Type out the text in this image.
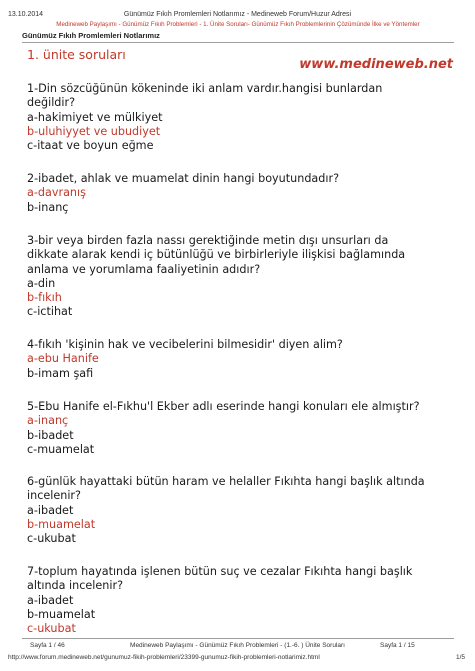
13.10.2014	Günümüz Fıkıh Promlemleri Notlarımız - Medineweb Forum/Huzur Adresi
Medineweb Paylaşımı - Günümüz Fıkıh Problemleri - 1. Ünite Soruları- Günümüz Fıkıh Problemlerinin Çözümünde İlke ve Yöntemler
Günümüz Fıkıh Promlemleri Notlarımız

1. ünite soruları

www.medineweb.net

1-Din sözcüğünün kökeninde iki anlam vardır.hangisi bunlardan

değildir?

a-hakimiyet ve mülkiyet

b-uluhiyyet ve ubudiyet

c-itaat ve boyun eğme

2-ibadet, ahlak ve muamelat dinin hangi boyutundadır?

a-davranış

b-inanç

3-bir veya birden fazla nassı gerektiğinde metin dışı unsurları da

dikkate alarak kendi iç bütünlüğü ve birbirleriyle ilişkisi bağlamında

anlama ve yorumlama faaliyetinin adıdır?

a-din

b-fıkıh

c-ictihat

4-fıkıh 'kişinin hak ve vecibelerini bilmesidir' diyen alim?

a-ebu Hanife

b-imam şafi

5-Ebu Hanife el-Fıkhu'l Ekber adlı eserinde hangi konuları ele almıştır?

a-inanç

b-ibadet

c-muamelat

6-günlük hayattaki bütün haram ve helaller Fıkıhta hangi başlık altında

incelenir?

a-ibadet

b-muamelat

c-ukubat

7-toplum hayatında işlenen bütün suç ve cezalar Fıkıhta hangi başlık

altında incelenir?

a-ibadet

b-muamelat

c-ukubat

Medineweb Paylaşımı - Günümüz Fıkıh Problemleri - (1.-6. ) Ünite Soruları
Sayfa 1 / 46	Sayfa 1 / 15
http://www.forum.medineweb.net/gunumuz-fikih-problemleri/23399-gunumuz-fikih-problemleri-notlarimiz.html	1/5
